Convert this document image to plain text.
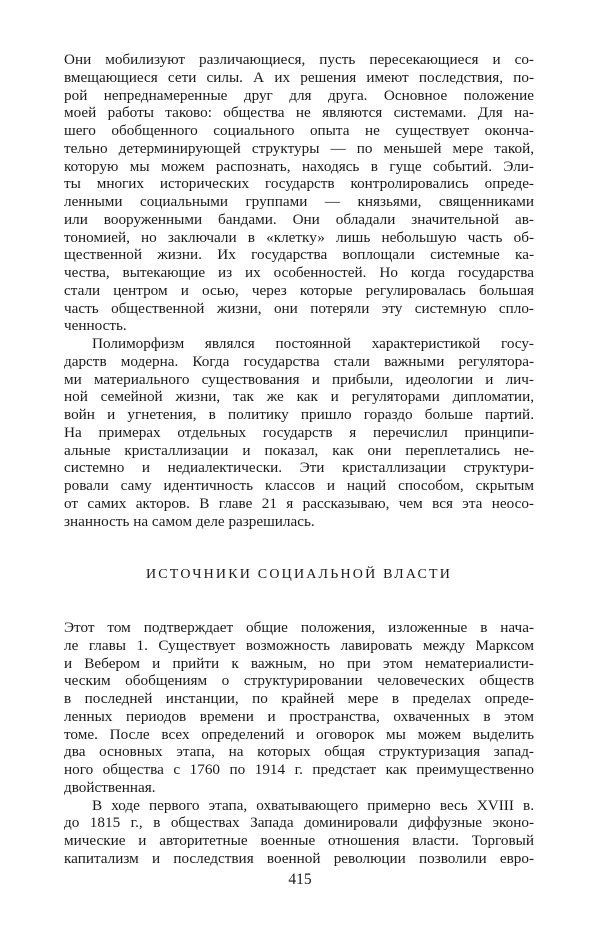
Они мобилизуют различающиеся, пусть пересекающиеся и со-
вмещающиеся сети силы. А их решения имеют последствия, по-
рой непреднамеренные друг для друга. Основное положение
моей работы таково: общества не являются системами. Для на-
шего обобщенного социального опыта не существует оконча-
тельно детерминирующей структуры — по меньшей мере такой,
которую мы можем распознать, находясь в гуще событий. Эли-
ты многих исторических государств контролировались опреде-
ленными социальными группами — князьями, священниками
или вооруженными бандами. Они обладали значительной ав-
тономией, но заключали в «клетку» лишь небольшую часть об-
щественной жизни. Их государства воплощали системные ка-
чества, вытекающие из их особенностей. Но когда государства
стали центром и осью, через которые регулировалась большая
часть общественной жизни, они потеряли эту системную спло-
ченность.
Полиморфизм являлся постоянной характеристикой госу-
дарств модерна. Когда государства стали важными регулятора-
ми материального существования и прибыли, идеологии и лич-
ной семейной жизни, так же как и регуляторами дипломатии,
войн и угнетения, в политику пришло гораздо больше партий.
На примерах отдельных государств я перечислил принципи-
альные кристаллизации и показал, как они переплетались не-
системно и недиалектически. Эти кристаллизации структури-
ровали саму идентичность классов и наций способом, скрытым
от самих акторов. В главе 21 я рассказываю, чем вся эта неосо-
знанность на самом деле разрешилась.
ИСТОЧНИКИ СОЦИАЛЬНОЙ ВЛАСТИ
Этот том подтверждает общие положения, изложенные в нача-
ле главы 1. Существует возможность лавировать между Марксом
и Вебером и прийти к важным, но при этом нематериалисти-
ческим обобщениям о структурировании человеческих обществ
в последней инстанции, по крайней мере в пределах опреде-
ленных периодов времени и пространства, охваченных в этом
томе. После всех определений и оговорок мы можем выделить
два основных этапа, на которых общая структуризация запад-
ного общества с 1760 по 1914 г. предстает как преимущественно
двойственная.
В ходе первого этапа, охватывающего примерно весь XVIII в.
до 1815 г., в обществах Запада доминировали диффузные эконо-
мические и авторитетные военные отношения власти. Торговый
капитализм и последствия военной революции позволили евро-
415
